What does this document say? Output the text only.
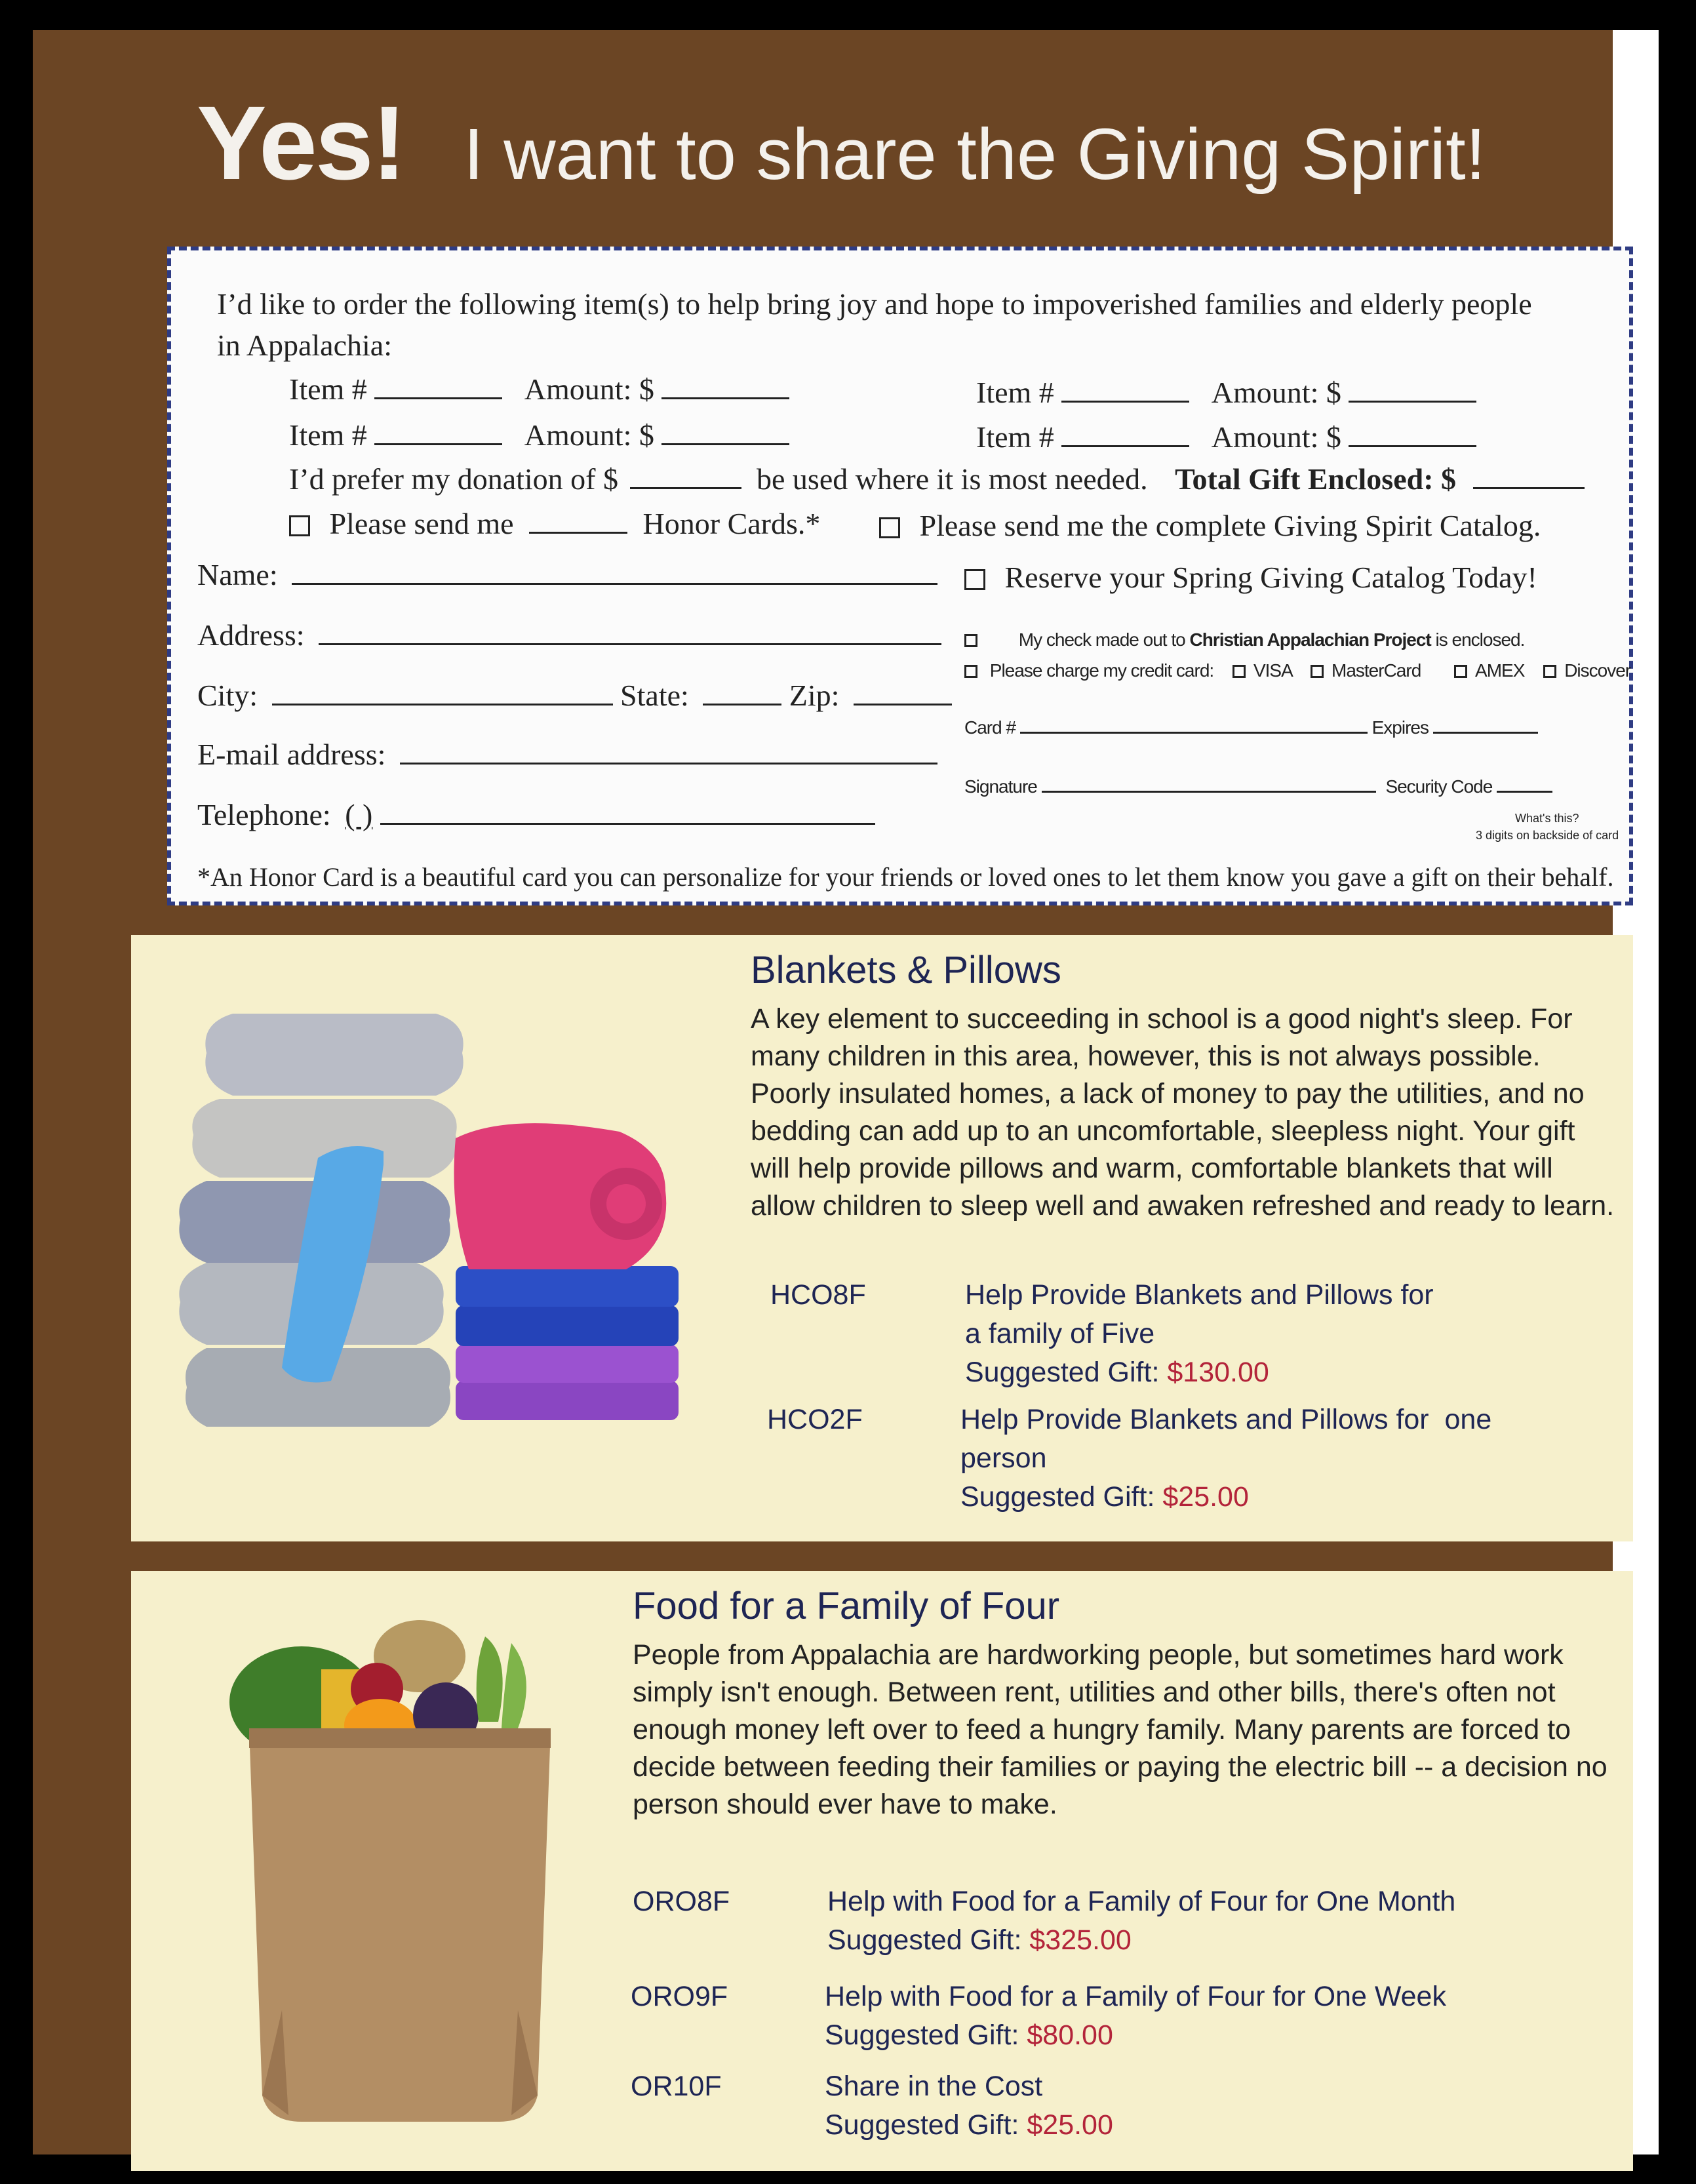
Yes! I want to share the Giving Spirit!
I’d like to order the following item(s) to help bring joy and hope to impoverished families and elderly people
in Appalachia:
Item #	Amount: $	Item #	Amount: $
Item #	Amount: $	Item #	Amount: $
I’d prefer my donation of $	be used where it is most needed. Total Gift Enclosed: $
Please send me	Honor Cards.*	Please send me the complete Giving Spirit Catalog.
Name:
Address:
City:	State:	Zip:
E-mail address:
Telephone: ( )
Reserve your Spring Giving Catalog Today!
My check made out to Christian Appalachian Project is enclosed.
Please charge my credit card: VISA MasterCard	AMEX Discover
Card #	Expires
Signature	Security Code
What's this?
3 digits on backside of card
*An Honor Card is a beautiful card you can personalize for your friends or loved ones to let them know you gave a gift on their behalf.
Blankets & Pillows
A key element to succeeding in school is a good night's sleep. For many children in this area, however, this is not always possible. Poorly insulated homes, a lack of money to pay the utilities, and no bedding can add up to an uncomfortable, sleepless night. Your gift will help provide pillows and warm, comfortable blankets that will allow children to sleep well and awaken refreshed and ready to learn.
HCO8F	Help Provide Blankets and Pillows for
a family of Five
Suggested Gift: $130.00
HCO2F	Help Provide Blankets and Pillows for  one
person
Suggested Gift: $25.00
Food for a Family of Four
People from Appalachia are hardworking people, but sometimes hard work simply isn't enough. Between rent, utilities and other bills, there's often not enough money left over to feed a hungry family. Many parents are forced to decide between feeding their families or paying the electric bill -- a decision no person should ever have to make.
ORO8F	Help with Food for a Family of Four for One Month
Suggested Gift: $325.00
ORO9F	Help with Food for a Family of Four for One Week
Suggested Gift: $80.00
OR10F	Share in the Cost
Suggested Gift: $25.00
